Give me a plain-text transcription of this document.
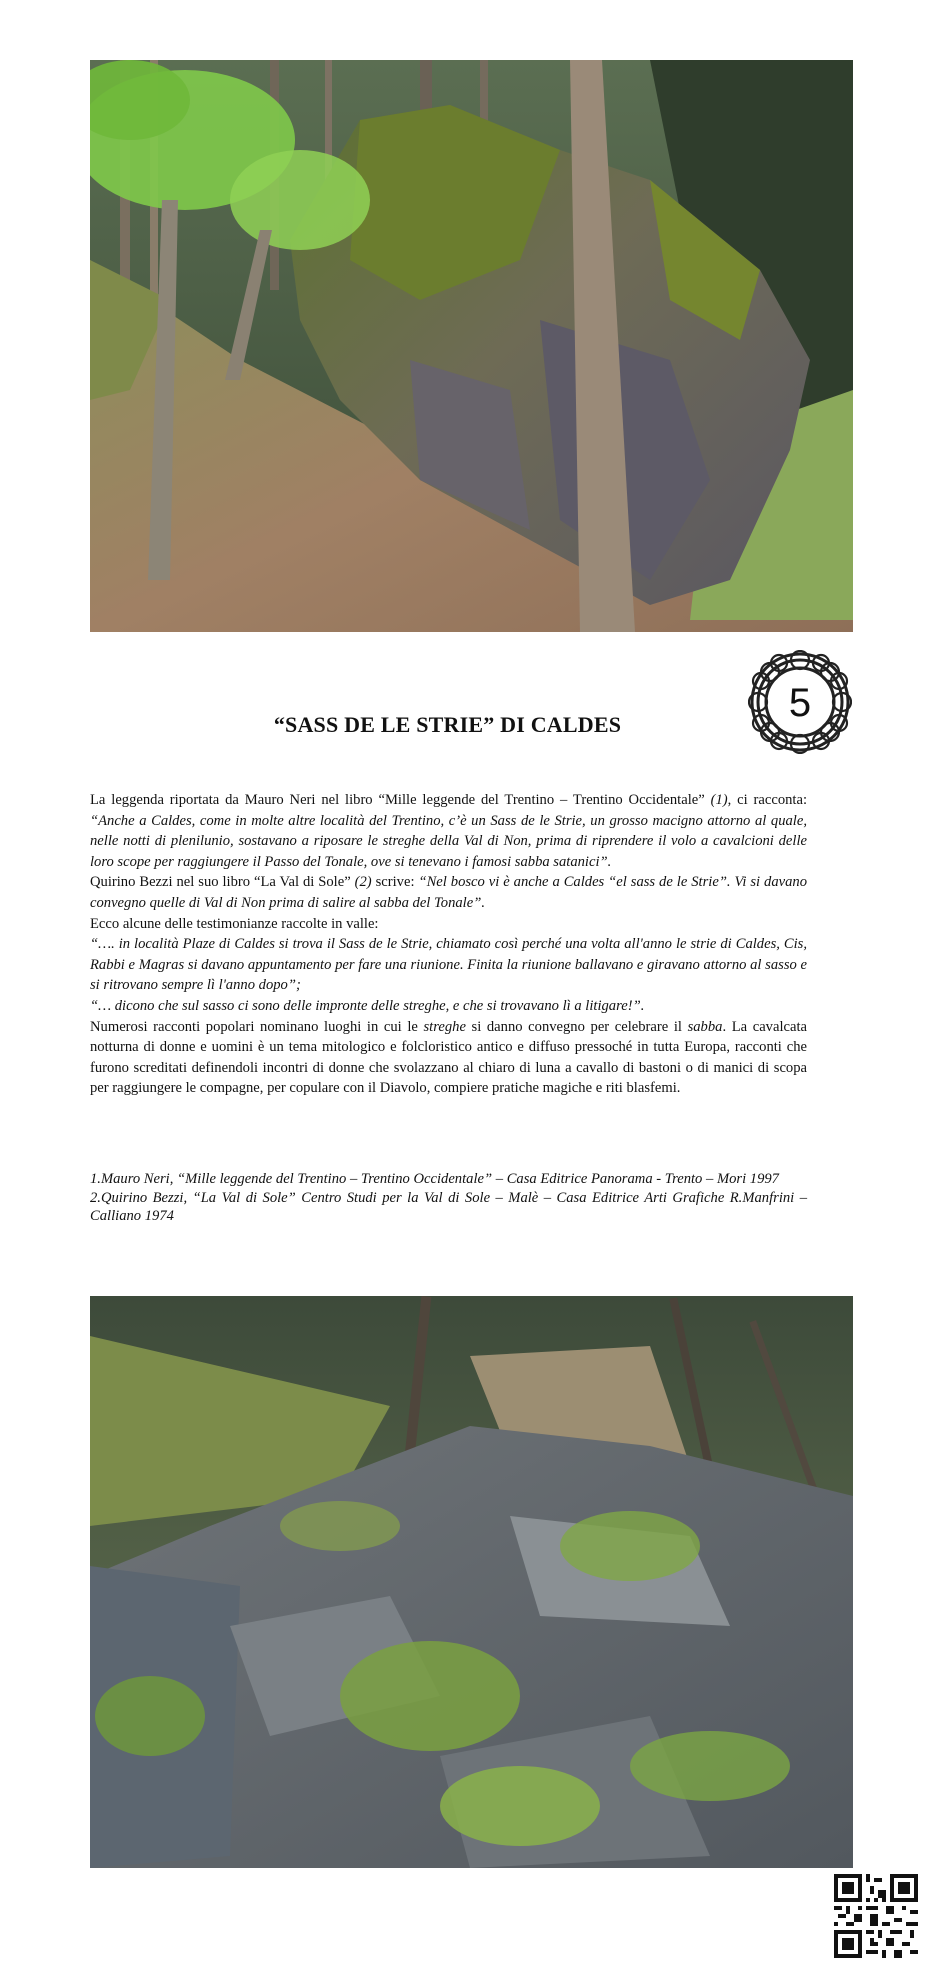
5
“SASS DE LE STRIE” DI CALDES

La leggenda riportata da Mauro Neri nel libro “Mille leggende del Trentino – Trentino Occidentale” (1), ci racconta: “Anche a Caldes, come in molte altre località del Trentino, c’è un Sass de le Strie, un grosso macigno attorno al quale, nelle notti di plenilunio, sostavano a riposare le streghe della Val di Non, prima di riprendere il volo a cavalcioni delle loro scope per raggiungere il Passo del Tonale, ove si tenevano i famosi sabba satanici”.

Quirino Bezzi nel suo libro “La Val di Sole” (2) scrive: “Nel bosco vi è anche a Caldes “el sass de le Strie”. Vi si davano convegno quelle di Val di Non prima di salire al sabba del Tonale”.

Ecco alcune delle testimonianze raccolte in valle:

“…. in località Plaze di Caldes si trova il Sass de le Strie, chiamato così perché una volta all'anno le strie di Caldes, Cis, Rabbi e Magras si davano appuntamento per fare una riunione. Finita la riunione ballavano e giravano attorno al sasso e si ritrovano sempre lì l'anno dopo”;

“… dicono che sul sasso ci sono delle impronte delle streghe, e che si trovavano lì a litigare!”.

Numerosi racconti popolari nominano luoghi in cui le streghe si danno convegno per celebrare il sabba. La cavalcata notturna di donne e uomini è un tema mitologico e folcloristico antico e diffuso pressoché in tutta Europa, racconti che furono screditati definendoli incontri di donne che svolazzano al chiaro di luna a cavallo di bastoni o di manici di scopa per raggiungere le compagne, per copulare con il Diavolo, compiere pratiche magiche e riti blasfemi.

1.Mauro Neri, “Mille leggende del Trentino – Trentino Occidentale” – Casa Editrice Panorama - Trento – Mori 1997

2.Quirino Bezzi, “La Val di Sole” Centro Studi per la Val di Sole – Malè – Casa Editrice Arti Grafiche R.Manfrini – Calliano 1974
